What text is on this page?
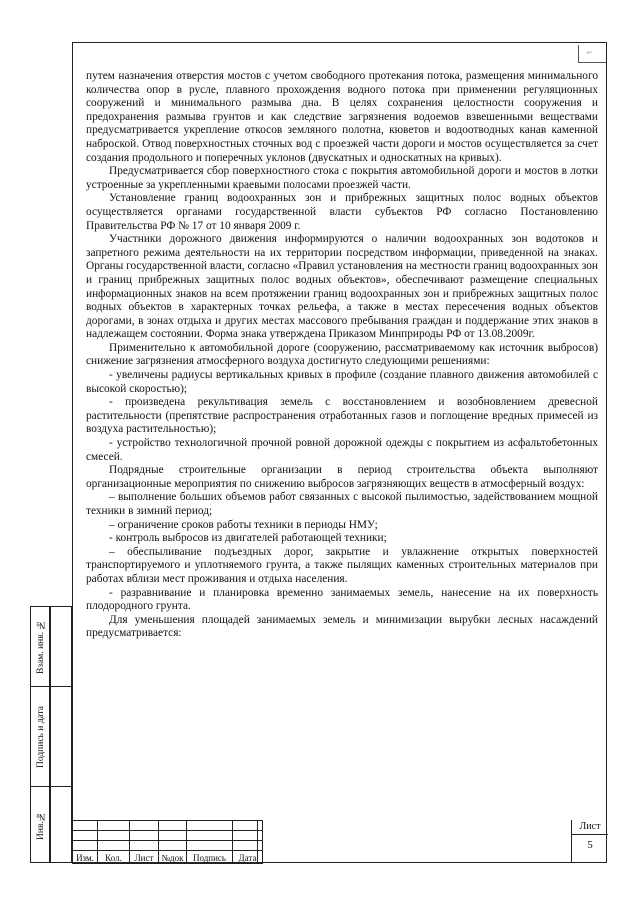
⌐

путем назначения отверстия мостов с учетом свободного протекания потока, размещения минимального количества опор в русле, плавного прохождения водного потока при применении регуляционных сооружений и минимального размыва дна. В целях сохранения целостности сооружения и предохранения размыва грунтов и как следствие загрязнения водоемов взвешенными веществами предусматривается укрепление откосов земляного полотна, кюветов и водоотводных канав каменной наброской. Отвод поверхностных сточных вод с проезжей части дороги и мостов осуществляется за счет создания продольного и поперечных уклонов (двускатных и односкатных на кривых).

Предусматривается сбор поверхностного стока с покрытия автомобильной дороги и мостов в лотки устроенные за укрепленными краевыми полосами проезжей части.

Установление границ водоохранных зон и прибрежных защитных полос водных объектов осуществляется органами государственной власти субъектов РФ согласно Постановлению Правительства РФ № 17 от 10 января 2009 г.

Участники дорожного движения информируются о наличии водоохранных зон водотоков и запретного режима деятельности на их территории посредством информации, приведенной на знаках. Органы государственной власти, согласно «Правил установления на местности границ водоохранных зон и границ прибрежных защитных полос водных объектов», обеспечивают размещение специальных информационных знаков на всем протяжении границ водоохранных зон и прибрежных защитных полос водных объектов в характерных точках рельефа, а также в местах пересечения водных объектов дорогами, в зонах отдыха и других местах массового пребывания граждан и поддержание этих знаков в надлежащем состоянии. Форма знака утверждена Приказом Минприроды РФ от 13.08.2009г.

Применительно к автомобильной дороге (сооружению, рассматриваемому как источник выбросов) снижение загрязнения атмосферного воздуха достигнуто следующими решениями:

- увеличены радиусы вертикальных кривых в профиле (создание плавного движения автомобилей с высокой скоростью);

- произведена рекультивация земель с восстановлением и возобновлением древесной растительности (препятствие распространения отработанных газов и поглощение вредных примесей из воздуха растительностью);

- устройство технологичной прочной ровной дорожной одежды с покрытием из асфальтобетонных смесей.

Подрядные строительные организации в период строительства объекта выполняют организационные мероприятия по снижению выбросов загрязняющих веществ в атмосферный воздух:

– выполнение больших объемов работ связанных с высокой пылимостью, задействованием мощной техники в зимний период;

– ограничение сроков работы техники в периоды НМУ;

- контроль выбросов из двигателей работающей техники;

– обеспыливание подъездных дорог, закрытие и увлажнение открытых поверхностей транспортируемого и уплотняемого грунта, а также пылящих каменных строительных материалов при работах вблизи мест проживания и отдыха населения.

- разравнивание и планировка временно занимаемых земель, нанесение на их поверхность плодородного грунта.

Для уменьшения площадей занимаемых земель и минимизации вырубки лесных насаждений предусматривается:

Взам. инв. №
Подпись и дата
Инв.№

Изм.	Кол.	Лист	№док	Подпись	Дата
Лист
5
